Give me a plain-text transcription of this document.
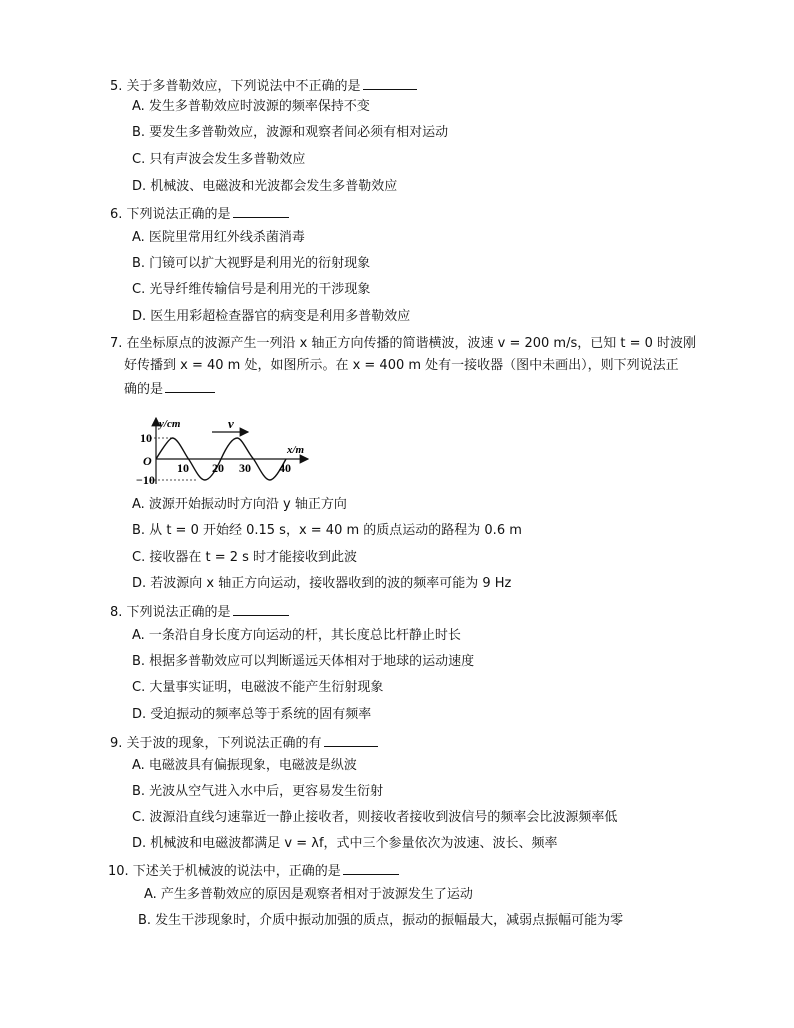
5. 关于多普勒效应，下列说法中不正确的是
A. 发生多普勒效应时波源的频率保持不变
B. 要发生多普勒效应，波源和观察者间必须有相对运动
C. 只有声波会发生多普勒效应
D. 机械波、电磁波和光波都会发生多普勒效应
6. 下列说法正确的是
A. 医院里常用红外线杀菌消毒
B. 门镜可以扩大视野是利用光的衍射现象
C. 光导纤维传输信号是利用光的干涉现象
D. 医生用彩超检查器官的病变是利用多普勒效应
7. 在坐标原点的波源产生一列沿 x 轴正方向传播的简谐横波，波速 v = 200 m/s，已知 t = 0 时波刚
好传播到 x = 40 m 处，如图所示。在 x = 400 m 处有一接收器（图中未画出），则下列说法正
确的是
v
y/cm
x/m
O
10
−10
10 20 30 40
A. 波源开始振动时方向沿 y 轴正方向
B. 从 t = 0 开始经 0.15 s，x = 40 m 的质点运动的路程为 0.6 m
C. 接收器在 t = 2 s 时才能接收到此波
D. 若波源向 x 轴正方向运动，接收器收到的波的频率可能为 9 Hz
8. 下列说法正确的是
A. 一条沿自身长度方向运动的杆，其长度总比杆静止时长
B. 根据多普勒效应可以判断遥远天体相对于地球的运动速度
C. 大量事实证明，电磁波不能产生衍射现象
D. 受迫振动的频率总等于系统的固有频率
9. 关于波的现象，下列说法正确的有
A. 电磁波具有偏振现象，电磁波是纵波
B. 光波从空气进入水中后，更容易发生衍射
C. 波源沿直线匀速靠近一静止接收者，则接收者接收到波信号的频率会比波源频率低
D. 机械波和电磁波都满足 v = λf，式中三个参量依次为波速、波长、频率
10. 下述关于机械波的说法中，正确的是
A. 产生多普勒效应的原因是观察者相对于波源发生了运动
B. 发生干涉现象时，介质中振动加强的质点，振动的振幅最大，减弱点振幅可能为零
